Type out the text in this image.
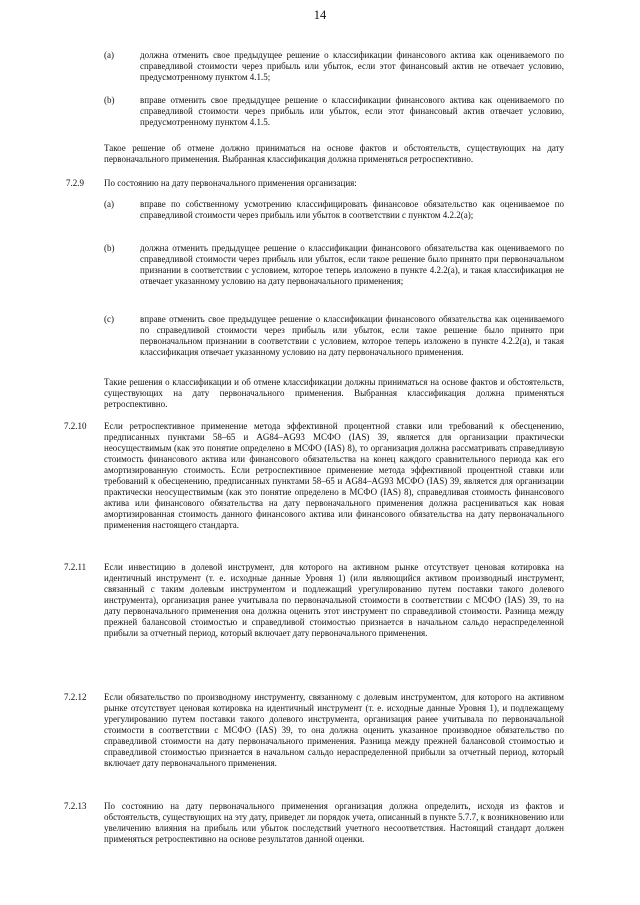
14
(a)	должна отменить свое предыдущее решение о классификации финансового актива как оцениваемого по справедливой стоимости через прибыль или убыток, если этот финансовый актив не отвечает условию, предусмотренному пунктом 4.1.5;
(b)	вправе отменить свое предыдущее решение о классификации финансового актива как оцениваемого по справедливой стоимости через прибыль или убыток, если этот финансовый актив отвечает условию, предусмотренному пунктом 4.1.5.
Такое решение об отмене должно приниматься на основе фактов и обстоятельств, существующих на дату первоначального применения. Выбранная классификация должна применяться ретроспективно.
7.2.9 По состоянию на дату первоначального применения организация:
(a)	вправе по собственному усмотрению классифицировать финансовое обязательство как оцениваемое по справедливой стоимости через прибыль или убыток в соответствии с пунктом 4.2.2(a);
(b)	должна отменить предыдущее решение о классификации финансового обязательства как оцениваемого по справедливой стоимости через прибыль или убыток, если такое решение было принято при первоначальном признании в соответствии с условием, которое теперь изложено в пункте 4.2.2(a), и такая классификация не отвечает указанному условию на дату первоначального применения;
(c)	вправе отменить свое предыдущее решение о классификации финансового обязательства как оцениваемого по справедливой стоимости через прибыль или убыток, если такое решение было принято при первоначальном признании в соответствии с условием, которое теперь изложено в пункте 4.2.2(a), и такая классификация отвечает указанному условию на дату первоначального применения.
Такие решения о классификации и об отмене классификации должны приниматься на основе фактов и обстоятельств, существующих на дату первоначального применения. Выбранная классификация должна применяться ретроспективно.
7.2.10 Если ретроспективное применение метода эффективной процентной ставки или требований к обесценению, предписанных пунктами 58–65 и AG84–AG93 МСФО (IAS) 39, является для организации практически неосуществимым (как это понятие определено в МСФО (IAS) 8), то организация должна рассматривать справедливую стоимость финансового актива или финансового обязательства на конец каждого сравнительного периода как его амортизированную стоимость. Если ретроспективное применение метода эффективной процентной ставки или требований к обесценению, предписанных пунктами 58–65 и AG84–AG93 МСФО (IAS) 39, является для организации практически неосуществимым (как это понятие определено в МСФО (IAS) 8), справедливая стоимость финансового актива или финансового обязательства на дату первоначального применения должна расцениваться как новая амортизированная стоимость данного финансового актива или финансового обязательства на дату первоначального применения настоящего стандарта.
7.2.11 Если инвестицию в долевой инструмент, для которого на активном рынке отсутствует ценовая котировка на идентичный инструмент (т. е. исходные данные Уровня 1) (или являющийся активом производный инструмент, связанный с таким долевым инструментом и подлежащий урегулированию путем поставки такого долевого инструмента), организация ранее учитывала по первоначальной стоимости в соответствии с МСФО (IAS) 39, то на дату первоначального применения она должна оценить этот инструмент по справедливой стоимости. Разница между прежней балансовой стоимостью и справедливой стоимостью признается в начальном сальдо нераспределенной прибыли за отчетный период, который включает дату первоначального применения.
7.2.12 Если обязательство по производному инструменту, связанному с долевым инструментом, для которого на активном рынке отсутствует ценовая котировка на идентичный инструмент (т. е. исходные данные Уровня 1), и подлежащему урегулированию путем поставки такого долевого инструмента, организация ранее учитывала по первоначальной стоимости в соответствии с МСФО (IAS) 39, то она должна оценить указанное производное обязательство по справедливой стоимости на дату первоначального применения. Разница между прежней балансовой стоимостью и справедливой стоимостью признается в начальном сальдо нераспределенной прибыли за отчетный период, который включает дату первоначального применения.
7.2.13 По состоянию на дату первоначального применения организация должна определить, исходя из фактов и обстоятельств, существующих на эту дату, приведет ли порядок учета, описанный в пункте 5.7.7, к возникновению или увеличению влияния на прибыль или убыток последствий учетного несоответствия. Настоящий стандарт должен применяться ретроспективно на основе результатов данной оценки.
